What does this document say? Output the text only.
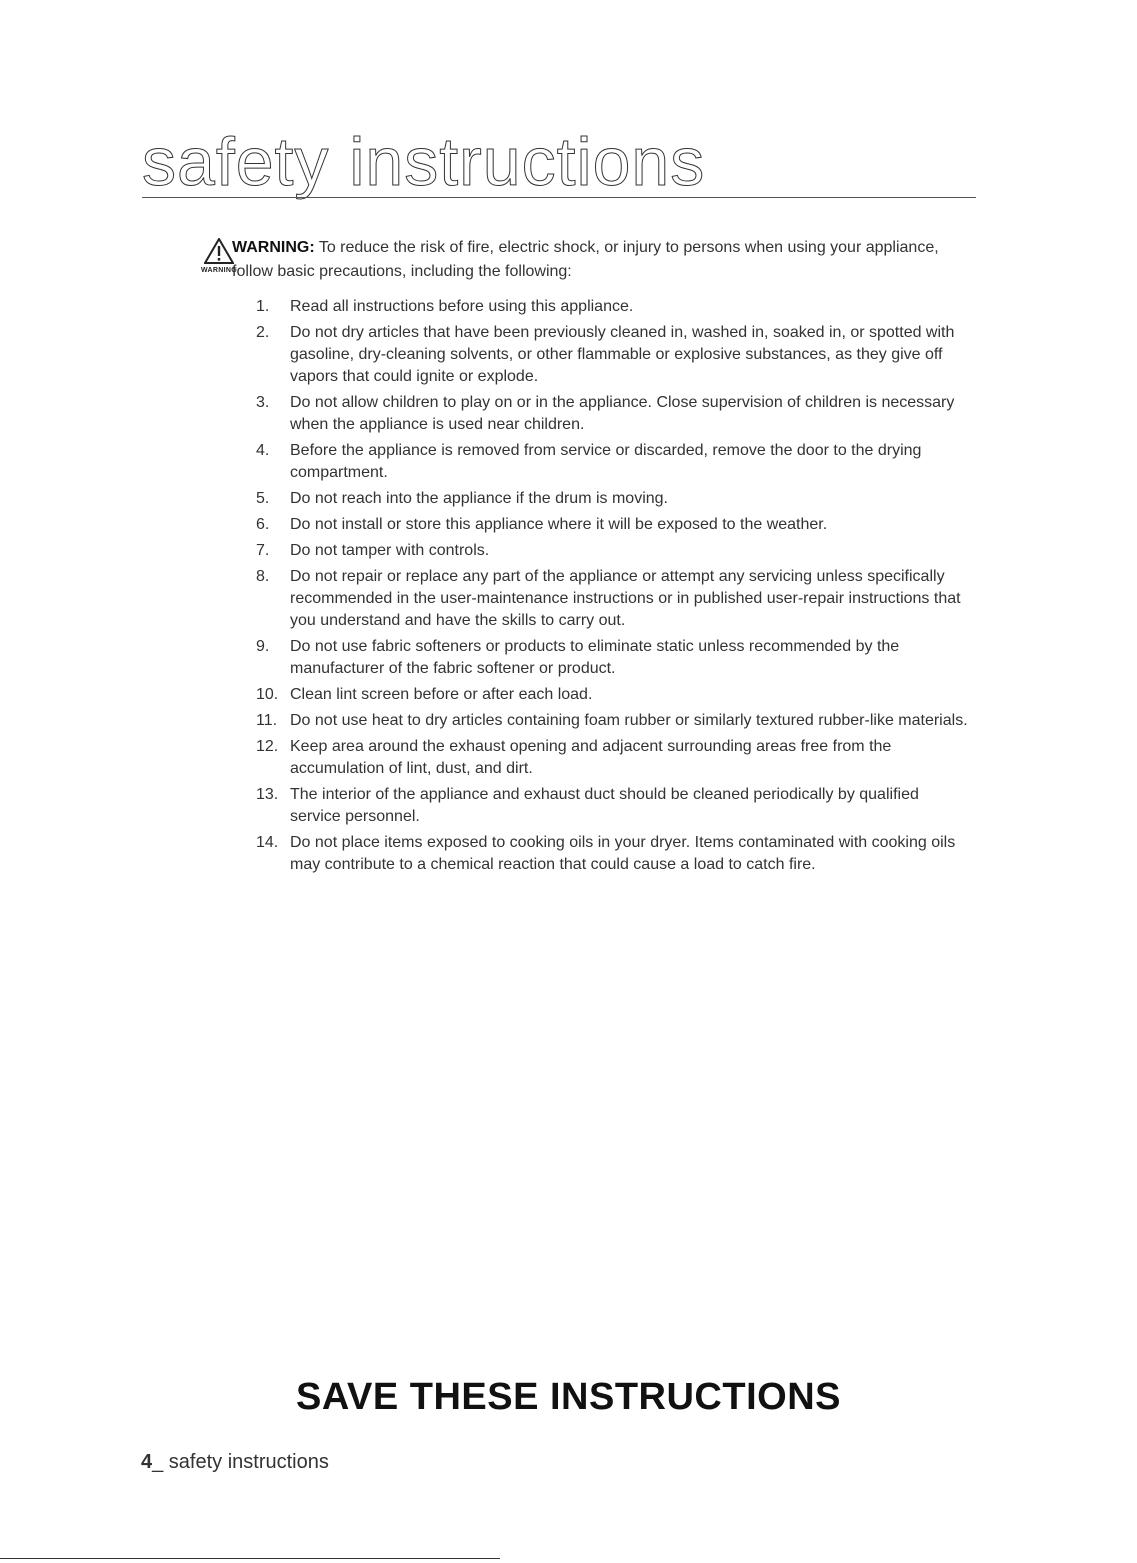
safety instructions
WARNING
WARNING: To reduce the risk of fire, electric shock, or injury to persons when using your appliance, follow basic precautions, including the following:
1.	Read all instructions before using this appliance.
2.	Do not dry articles that have been previously cleaned in, washed in, soaked in, or spotted with gasoline, dry-cleaning solvents, or other flammable or explosive substances, as they give off vapors that could ignite or explode.
3.	Do not allow children to play on or in the appliance. Close supervision of children is necessary when the appliance is used near children.
4.	Before the appliance is removed from service or discarded, remove the door to the drying compartment.
5.	Do not reach into the appliance if the drum is moving.
6.	Do not install or store this appliance where it will be exposed to the weather.
7.	Do not tamper with controls.
8.	Do not repair or replace any part of the appliance or attempt any servicing unless specifically recommended in the user-maintenance instructions or in published user-repair instructions that you understand and have the skills to carry out.
9.	Do not use fabric softeners or products to eliminate static unless recommended by the manufacturer of the fabric softener or product.
10. Clean lint screen before or after each load.
11. Do not use heat to dry articles containing foam rubber or similarly textured rubber-like materials.
12. Keep area around the exhaust opening and adjacent surrounding areas free from the accumulation of lint, dust, and dirt.
13. The interior of the appliance and exhaust duct should be cleaned periodically by qualified service personnel.
14. Do not place items exposed to cooking oils in your dryer. Items contaminated with cooking oils may contribute to a chemical reaction that could cause a load to catch fire.
SAVE THESE INSTRUCTIONS
4_ safety instructions
